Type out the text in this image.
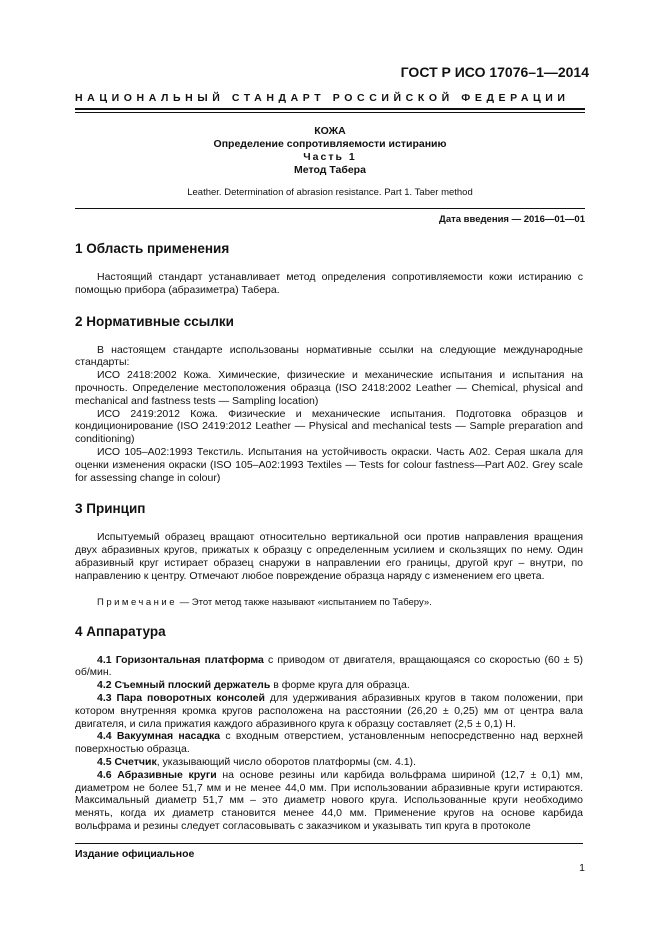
ГОСТ Р ИСО 17076–1—2014
НАЦИОНАЛЬНЫЙ СТАНДАРТ РОССИЙСКОЙ ФЕДЕРАЦИИ
КОЖА
Определение сопротивляемости истиранию
Часть 1
Метод Табера
Leather. Determination of abrasion resistance. Part 1. Taber method
Дата введения — 2016—01—01
1 Область применения

Настоящий стандарт устанавливает метод определения сопротивляемости кожи истиранию с помощью прибора (абразиметра) Табера.

2 Нормативные ссылки

В настоящем стандарте использованы нормативные ссылки на следующие международные стандарты:

ИСО 2418:2002 Кожа. Химические, физические и механические испытания и испытания на прочность. Определение местоположения образца (ISO 2418:2002 Leather — Chemical, physical and mechanical and fastness tests — Sampling location)

ИСО 2419:2012 Кожа. Физические и механические испытания. Подготовка образцов и кондиционирование (ISO 2419:2012 Leather — Physical and mechanical tests — Sample preparation and conditioning)

ИСО 105–A02:1993 Текстиль. Испытания на устойчивость окраски. Часть А02. Серая шкала для оценки изменения окраски (ISO 105–A02:1993 Textiles — Tests for colour fastness—Part A02. Grey scale for assessing change in colour)

3 Принцип

Испытуемый образец вращают относительно вертикальной оси против направления вращения двух абразивных кругов, прижатых к образцу с определенным усилием и скользящих по нему. Один абразивный круг истирает образец снаружи в направлении его границы, другой круг – внутри, по направлению к центру. Отмечают любое повреждение образца наряду с изменением его цвета.

Примечание — Этот метод также называют «испытанием по Таберу».

4 Аппаратура

4.1 Горизонтальная платформа с приводом от двигателя, вращающаяся со скоростью (60 ± 5) об/мин.

4.2 Съемный плоский держатель в форме круга для образца.

4.3 Пара поворотных консолей для удерживания абразивных кругов в таком положении, при котором внутренняя кромка кругов расположена на расстоянии (26,20 ± 0,25) мм от центра вала двигателя, и сила прижатия каждого абразивного круга к образцу составляет (2,5 ± 0,1) Н.

4.4 Вакуумная насадка с входным отверстием, установленным непосредственно над верхней поверхностью образца.

4.5 Счетчик, указывающий число оборотов платформы (см. 4.1).

4.6 Абразивные круги на основе резины или карбида вольфрама шириной (12,7 ± 0,1) мм, диаметром не более 51,7 мм и не менее 44,0 мм. При использовании абразивные круги истираются. Максимальный диаметр 51,7 мм – это диаметр нового круга. Использованные круги необходимо менять, когда их диаметр становится менее 44,0 мм. Применение кругов на основе карбида вольфрама и резины следует согласовывать с заказчиком и указывать тип круга в протоколе

Издание официальное
1
